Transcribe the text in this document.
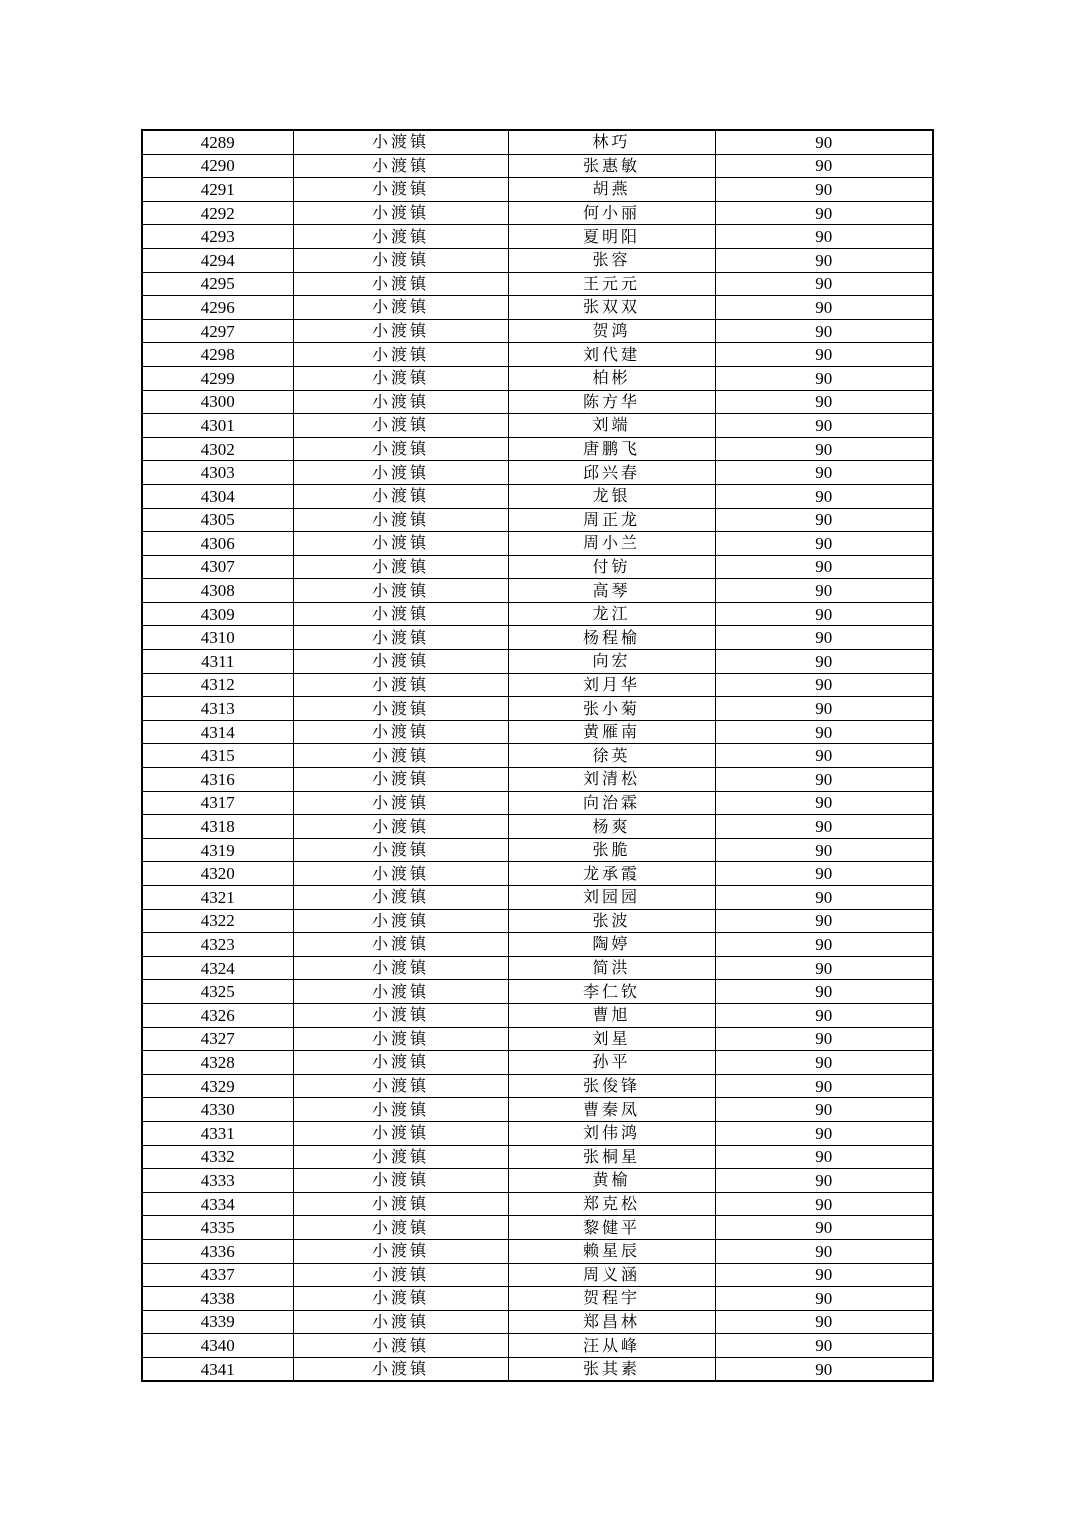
4289	小渡镇	林巧	90
4290	小渡镇	张惠敏	90
4291	小渡镇	胡燕	90
4292	小渡镇	何小丽	90
4293	小渡镇	夏明阳	90
4294	小渡镇	张容	90
4295	小渡镇	王元元	90
4296	小渡镇	张双双	90
4297	小渡镇	贺鸿	90
4298	小渡镇	刘代建	90
4299	小渡镇	柏彬	90
4300	小渡镇	陈方华	90
4301	小渡镇	刘端	90
4302	小渡镇	唐鹏飞	90
4303	小渡镇	邱兴春	90
4304	小渡镇	龙银	90
4305	小渡镇	周正龙	90
4306	小渡镇	周小兰	90
4307	小渡镇	付钫	90
4308	小渡镇	高琴	90
4309	小渡镇	龙江	90
4310	小渡镇	杨程榆	90
4311	小渡镇	向宏	90
4312	小渡镇	刘月华	90
4313	小渡镇	张小菊	90
4314	小渡镇	黄雁南	90
4315	小渡镇	徐英	90
4316	小渡镇	刘清松	90
4317	小渡镇	向治霖	90
4318	小渡镇	杨爽	90
4319	小渡镇	张脆	90
4320	小渡镇	龙承霞	90
4321	小渡镇	刘园园	90
4322	小渡镇	张波	90
4323	小渡镇	陶婷	90
4324	小渡镇	简洪	90
4325	小渡镇	李仁钦	90
4326	小渡镇	曹旭	90
4327	小渡镇	刘星	90
4328	小渡镇	孙平	90
4329	小渡镇	张俊锋	90
4330	小渡镇	曹秦凤	90
4331	小渡镇	刘伟鸿	90
4332	小渡镇	张桐星	90
4333	小渡镇	黄榆	90
4334	小渡镇	郑克松	90
4335	小渡镇	黎健平	90
4336	小渡镇	赖星辰	90
4337	小渡镇	周义涵	90
4338	小渡镇	贺程宇	90
4339	小渡镇	郑昌林	90
4340	小渡镇	汪从峰	90
4341	小渡镇	张其素	90
